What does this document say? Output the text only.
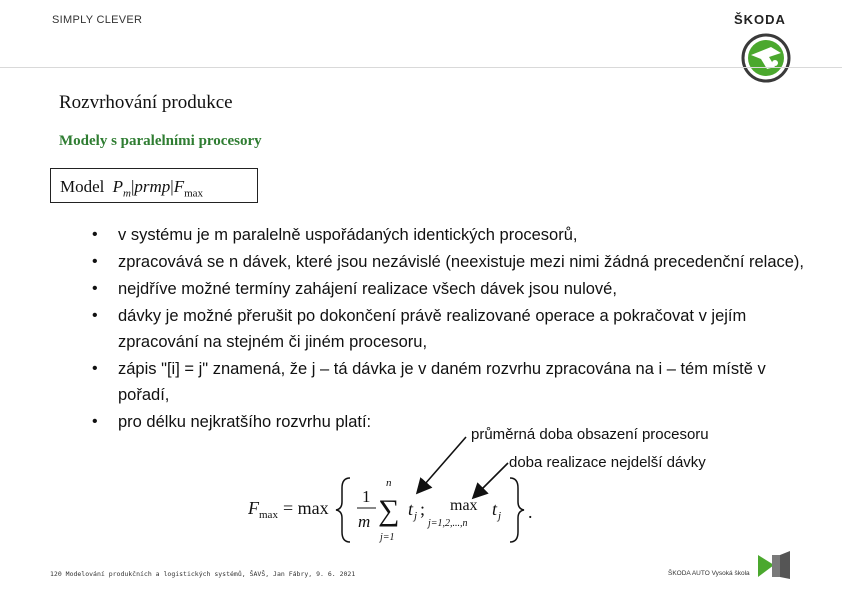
SIMPLY CLEVER	ŠKODA
Rozvrhování produkce
Modely s paralelními procesory
Model $P_m|prmp|F_{max}$
• v systému je m paralelně uspořádaných identických procesorů,
• zpracovává se n dávek, které jsou nezávislé (neexistuje mezi nimi žádná precedenční relace),
• nejdříve možné termíny zahájení realizace všech dávek jsou nulové,
• dávky je možné přerušit po dokončení právě realizované operace a pokračovat v jejím zpracování na stejném či jiném procesoru,
• zápis "[i] = j" znamená, že j – tá dávka je v daném rozvrhu zpracována na i – tém místě v pořadí,
• pro délku nejkratšího rozvrhu platí:
průměrná doba obsazení procesoru
doba realizace nejdelší dávky
F max = max
1
m
n
∑
j=1
t j ; max
j=1,2,...,n
t j .
120 Modelování produkčních a logistických systémů, ŠAVŠ, Jan Fábry, 9. 6. 2021	ŠKODA AUTO Vysoká škola
